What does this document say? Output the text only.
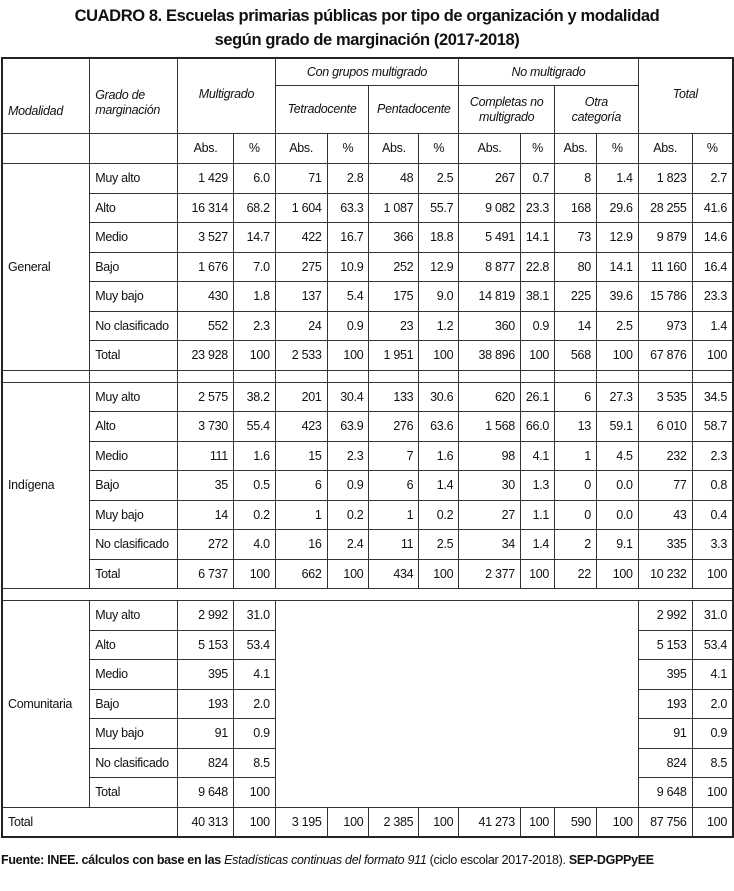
CUADRO 8. Escuelas primarias públicas por tipo de organización y modalidad
según grado de marginación (2017-2018)
Modalidad	Grado de marginación	Multigrado		Con grupos multigrado				No multigrado				Total	
				Tetradocente		Pentadocente		Completas no multigrado		Otra categoría			
		Abs.	%	Abs.	%	Abs.	%	Abs.	%	Abs.	%	Abs.	%
General	Muy alto	1 429	6.0	71	2.8	48	2.5	267	0.7	8	1.4	1 823	2.7
	Alto	16 314	68.2	1 604	63.3	1 087	55.7	9 082	23.3	168	29.6	28 255	41.6
	Medio	3 527	14.7	422	16.7	366	18.8	5 491	14.1	73	12.9	9 879	14.6
	Bajo	1 676	7.0	275	10.9	252	12.9	8 877	22.8	80	14.1	11 160	16.4
	Muy bajo	430	1.8	137	5.4	175	9.0	14 819	38.1	225	39.6	15 786	23.3
	No clasificado	552	2.3	24	0.9	23	1.2	360	0.9	14	2.5	973	1.4
	Total	23 928	100	2 533	100	1 951	100	38 896	100	568	100	67 876	100

Indígena	Muy alto	2 575	38.2	201	30.4	133	30.6	620	26.1	6	27.3	3 535	34.5
	Alto	3 730	55.4	423	63.9	276	63.6	1 568	66.0	13	59.1	6 010	58.7
	Medio	111	1.6	15	2.3	7	1.6	98	4.1	1	4.5	232	2.3
	Bajo	35	0.5	6	0.9	6	1.4	30	1.3	0	0.0	77	0.8
	Muy bajo	14	0.2	1	0.2	1	0.2	27	1.1	0	0.0	43	0.4
	No clasificado	272	4.0	16	2.4	11	2.5	34	1.4	2	9.1	335	3.3
	Total	6 737	100	662	100	434	100	2 377	100	22	100	10 232	100

Comunitaria	Muy alto	2 992	31.0									2 992	31.0
	Alto	5 153	53.4									5 153	53.4
	Medio	395	4.1									395	4.1
	Bajo	193	2.0									193	2.0
	Muy bajo	91	0.9									91	0.9
	No clasificado	824	8.5									824	8.5
	Total	9 648	100									9 648	100
Total		40 313	100	3 195	100	2 385	100	41 273	100	590	100	87 756	100
Fuente: INEE. cálculos con base en las Estadísticas continuas del formato 911 (ciclo escolar 2017-2018). SEP-DGPPyEE
